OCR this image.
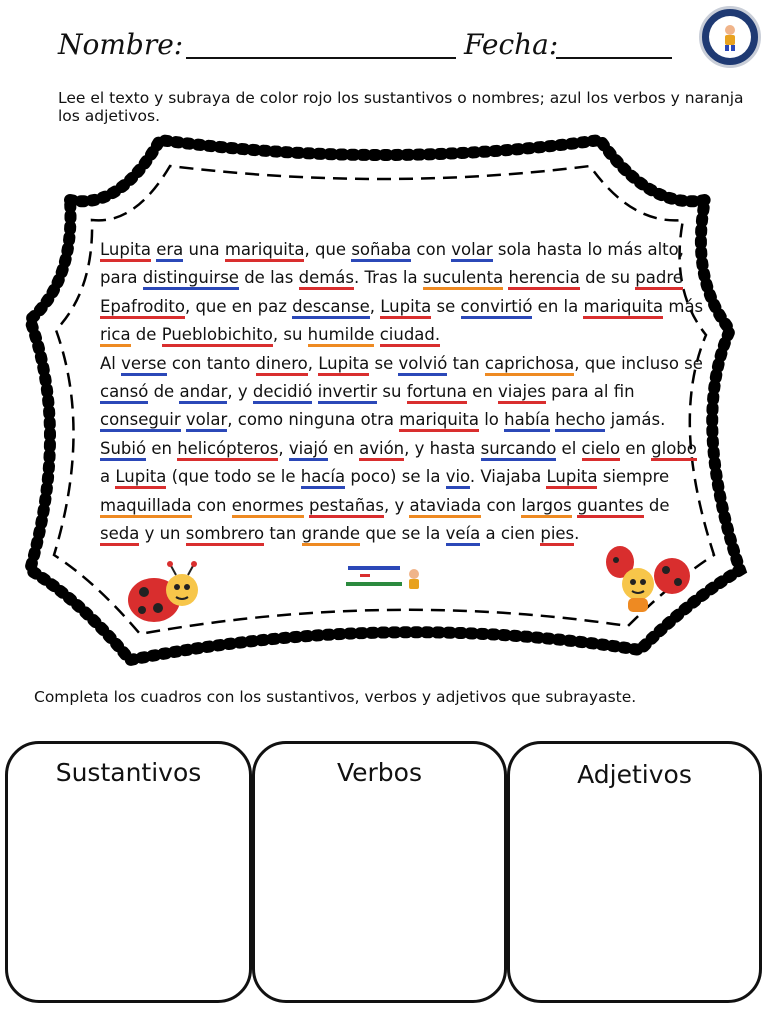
Nombre:	Fecha:
Lee el texto y subraya de color rojo los sustantivos o nombres; azul los verbos y naranja los adjetivos.
Lupita era una mariquita, que soñaba con volar sola hasta lo más alto, para distinguirse de las demás. Tras la suculenta herencia de su padre Epafrodito, que en paz descanse, Lupita se convirtió en la mariquita más rica de Pueblobichito, su humilde ciudad.
Al verse con tanto dinero, Lupita se volvió tan caprichosa, que incluso se cansó de andar, y decidió invertir su fortuna en viajes para al fin conseguir volar, como ninguna otra mariquita lo había hecho jamás. Subió en helicópteros, viajó en avión, y hasta surcando el cielo en globo a Lupita (que todo se le hacía poco) se la vio. Viajaba Lupita siempre maquillada con enormes pestañas, y ataviada con largos guantes de seda y un sombrero tan grande que se la veía a cien pies.
Completa los cuadros con los sustantivos, verbos y adjetivos que subrayaste.
Sustantivos	Verbos	Adjetivos
